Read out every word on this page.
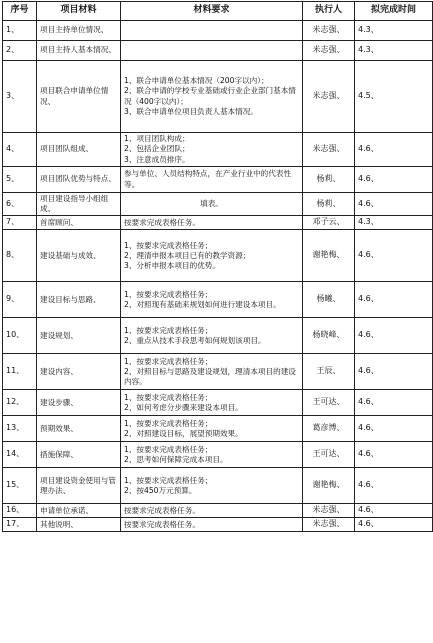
序号	项目材料	材料要求	执行人	拟完成时间
1、	项目主持单位情况、		米志强、	4.3、
2、	项目主持人基本情况、		米志强、	4.3、
3、	项目联合申请单位情况、	1、联合申请单位基本情况（200字以内）；
2、联合申请的学校专业基础或行业企业部门基本情况（400字以内）；
3、联合申请单位项目负责人基本情况。	米志强、	4.5、
4、	项目团队组成、	1、项目团队构成；
2、包括企业团队；
3、注意成员排序。	米志强、	4.6、
5、	项目团队优势与特点、	参与单位、人员结构特点，在产业行业中的代表性等。	杨莉、	4.6、
6、	项目建设指导小组组成、	填表。	杨莉、	4.6、
7、	首席顾问、	按要求完成表格任务。	邓子云、	4.3、
8、	建设基础与成效、	1、按要求完成表格任务；
2、理清申报本项目已有的教学资源；
3、分析申报本项目的优势。	谢艳梅、	4.6、
9、	建设目标与思路、	1、按要求完成表格任务；
2、对照现有基础来规划如何进行建设本项目。	杨曦、	4.6、
10、	建设规划、	1、按要求完成表格任务；
2、重点从技术手段思考如何规划该项目。	杨晓峰、	4.6、
11、	建设内容、	1、按要求完成表格任务；
2、对照目标与思路及建设规划，理清本项目的建设内容。	王辰、	4.6、
12、	建设步骤、	1、按要求完成表格任务；
2、如何考虑分步骤来建设本项目。	王可达、	4.6、
13、	预期效果、	1、按要求完成表格任务；
2、对照建设目标，展望预期效果。	葛彦博、	4.6、
14、	措施保障、	1、按要求完成表格任务；
2、思考如何保障完成本项目。	王可达、	4.6、
15、	项目建设资金使用与管理办法、	1、按要求完成表格任务；
2、按450万元预算。	谢艳梅、	4.6、
16、	申请单位承诺、	按要求完成表格任务。	米志强、	4.6、
17、	其他说明、	按要求完成表格任务。	米志强、	4.6、
